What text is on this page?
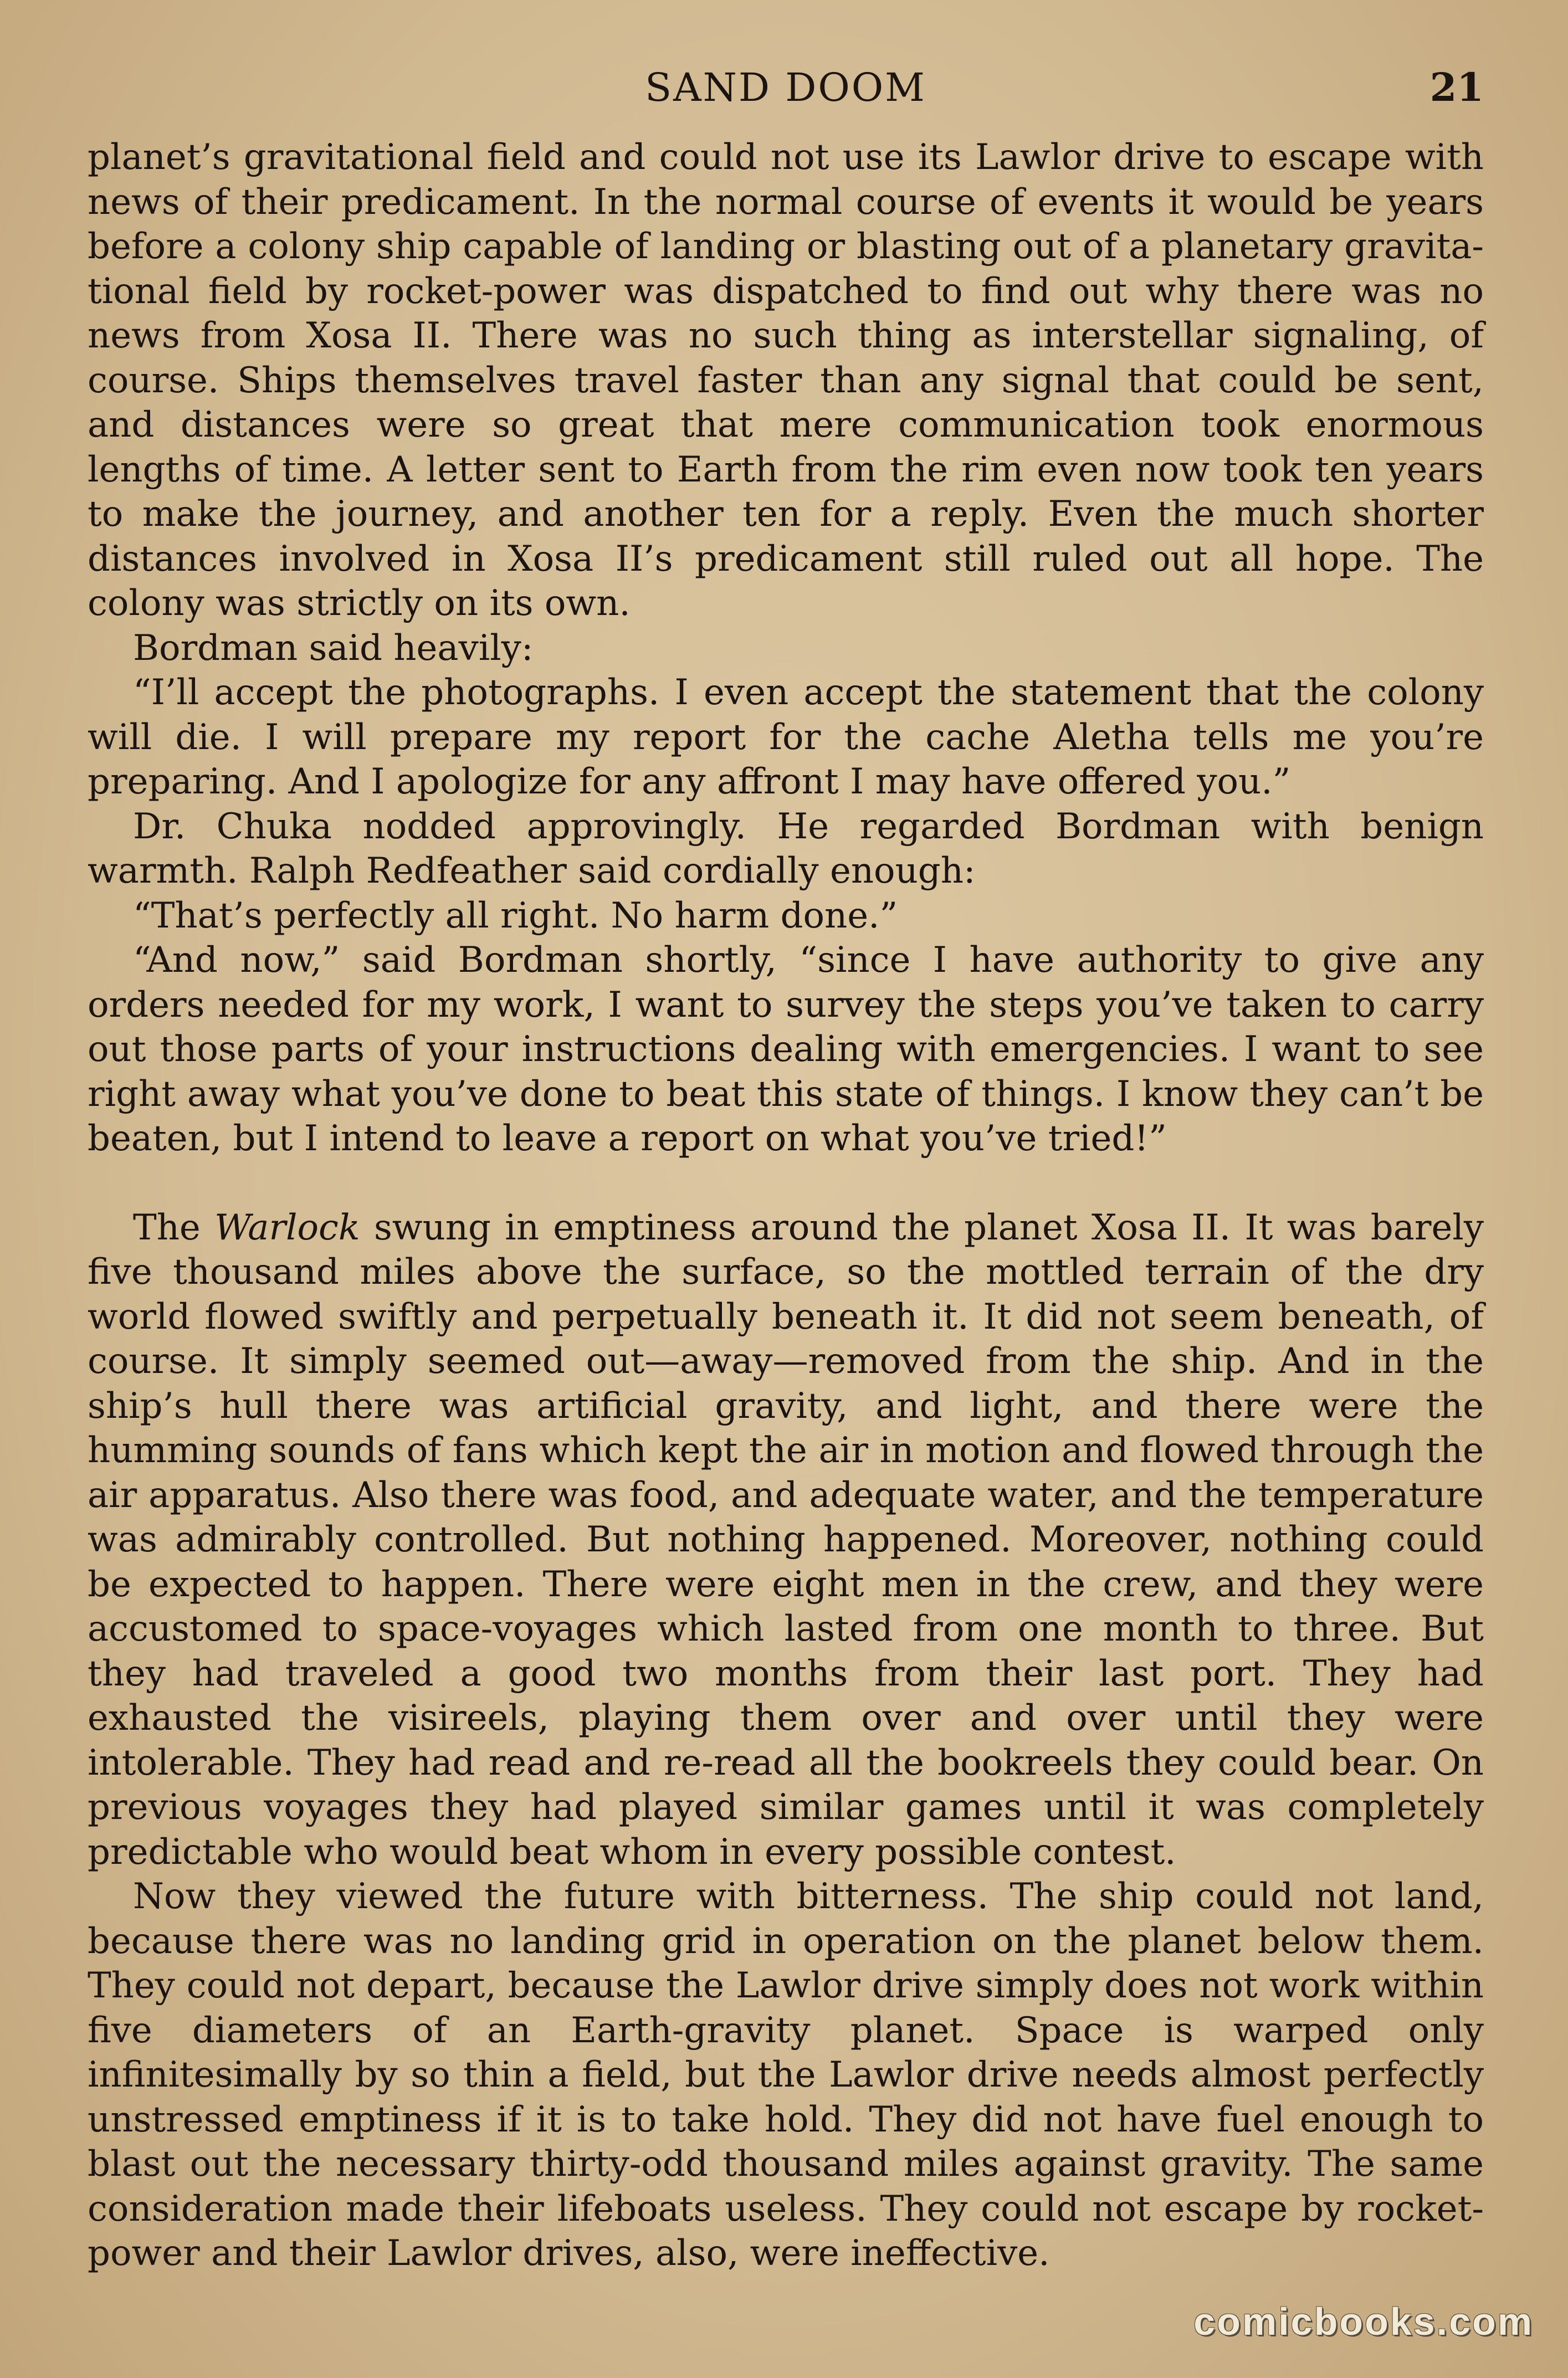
SAND DOOM	21

planet’s gravitational field and could not use its Lawlor drive to escape with news of their predicament. In the normal course of events it would be years before a colony ship capable of landing or blasting out of a planetary gravitational field by rocket-power was dispatched to find out why there was no news from Xosa II. There was no such thing as interstellar signaling, of course. Ships themselves travel faster than any signal that could be sent, and distances were so great that mere communication took enormous lengths of time. A letter sent to Earth from the rim even now took ten years to make the journey, and another ten for a reply. Even the much shorter distances involved in Xosa II’s predicament still ruled out all hope. The colony was strictly on its own.

Bordman said heavily:

“I’ll accept the photographs. I even accept the statement that the colony will die. I will prepare my report for the cache Aletha tells me you’re preparing. And I apologize for any affront I may have offered you.”

Dr. Chuka nodded approvingly. He regarded Bordman with benign warmth. Ralph Redfeather said cordially enough:

“That’s perfectly all right. No harm done.”

“And now,” said Bordman shortly, “since I have authority to give any orders needed for my work, I want to survey the steps you’ve taken to carry out those parts of your instructions dealing with emergencies. I want to see right away what you’ve done to beat this state of things. I know they can’t be beaten, but I intend to leave a report on what you’ve tried!”

The Warlock swung in emptiness around the planet Xosa II. It was barely five thousand miles above the surface, so the mottled terrain of the dry world flowed swiftly and perpetually beneath it. It did not seem beneath, of course. It simply seemed out—away—removed from the ship. And in the ship’s hull there was artificial gravity, and light, and there were the humming sounds of fans which kept the air in motion and flowed through the air apparatus. Also there was food, and adequate water, and the temperature was admirably controlled. But nothing happened. Moreover, nothing could be expected to happen. There were eight men in the crew, and they were accustomed to space-voyages which lasted from one month to three. But they had traveled a good two months from their last port. They had exhausted the visireels, playing them over and over until they were intolerable. They had read and re-read all the bookreels they could bear. On previous voyages they had played similar games until it was completely predictable who would beat whom in every possible contest.

Now they viewed the future with bitterness. The ship could not land, because there was no landing grid in operation on the planet below them. They could not depart, because the Lawlor drive simply does not work within five diameters of an Earth-gravity planet. Space is warped only infinitesimally by so thin a field, but the Lawlor drive needs almost perfectly unstressed emptiness if it is to take hold. They did not have fuel enough to blast out the necessary thirty-odd thousand miles against gravity. The same consideration made their lifeboats useless. They could not escape by rocket-power and their Lawlor drives, also, were ineffective.

comicbooks.com
